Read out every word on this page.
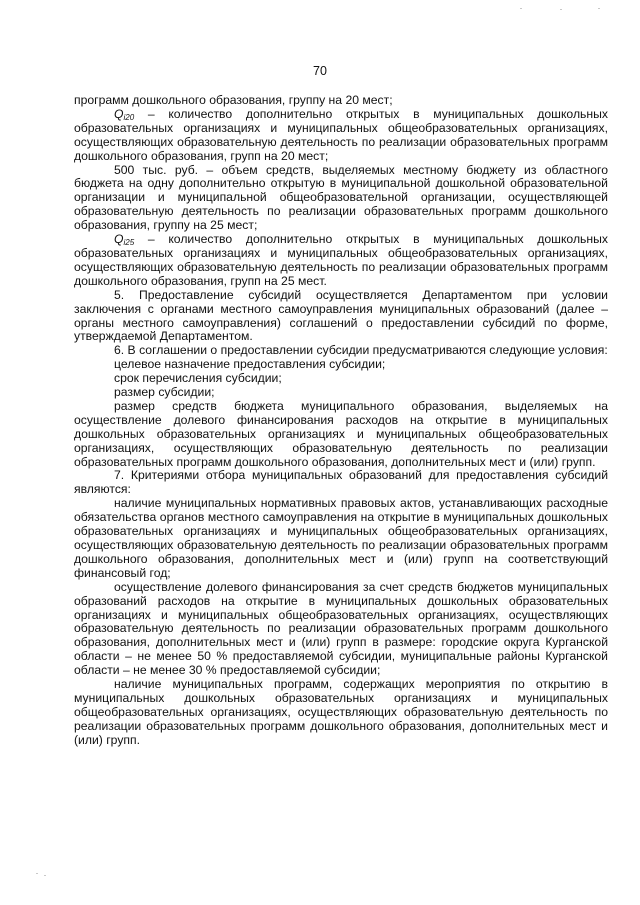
70

программ дошкольного образования, группу на 20 мест;

$Q_{i20}$ – количество дополнительно открытых в муниципальных дошкольных образовательных организациях и муниципальных общеобразовательных организациях, осуществляющих образовательную деятельность по реализации образовательных программ дошкольного образования, групп на 20 мест;

500 тыс. руб. – объем средств, выделяемых местному бюджету из областного бюджета на одну дополнительно открытую в муниципальной дошкольной образовательной организации и муниципальной общеобразовательной организации, осуществляющей образовательную деятельность по реализации образовательных программ дошкольного образования, группу на 25 мест;

$Q_{i25}$ – количество дополнительно открытых в муниципальных дошкольных образовательных организациях и муниципальных общеобразовательных организациях, осуществляющих образовательную деятельность по реализации образовательных программ дошкольного образования, групп на 25 мест.

5. Предоставление субсидий осуществляется Департаментом при условии заключения с органами местного самоуправления муниципальных образований (далее – органы местного самоуправления) соглашений о предоставлении субсидий по форме, утверждаемой Департаментом.

6. В соглашении о предоставлении субсидии предусматриваются следующие условия:

целевое назначение предоставления субсидии;

срок перечисления субсидии;

размер субсидии;

размер средств бюджета муниципального образования, выделяемых на осуществление долевого финансирования расходов на открытие в муниципальных дошкольных образовательных организациях и муниципальных общеобразовательных организациях, осуществляющих образовательную деятельность по реализации образовательных программ дошкольного образования, дополнительных мест и (или) групп.

7. Критериями отбора муниципальных образований для предоставления субсидий являются:

наличие муниципальных нормативных правовых актов, устанавливающих расходные обязательства органов местного самоуправления на открытие в муниципальных дошкольных образовательных организациях и муниципальных общеобразовательных организациях, осуществляющих образовательную деятельность по реализации образовательных программ дошкольного образования, дополнительных мест и (или) групп на соответствующий финансовый год;

осуществление долевого финансирования за счет средств бюджетов муниципальных образований расходов на открытие в муниципальных дошкольных образовательных организациях и муниципальных общеобразовательных организациях, осуществляющих образовательную деятельность по реализации образовательных программ дошкольного образования, дополнительных мест и (или) групп в размере: городские округа Курганской области – не менее 50 % предоставляемой субсидии, муниципальные районы Курганской области – не менее 30 % предоставляемой субсидии;

наличие муниципальных программ, содержащих мероприятия по открытию в муниципальных дошкольных образовательных организациях и муниципальных общеобразовательных организациях, осуществляющих образовательную деятельность по реализации образовательных программ дошкольного образования, дополнительных мест и (или) групп.
